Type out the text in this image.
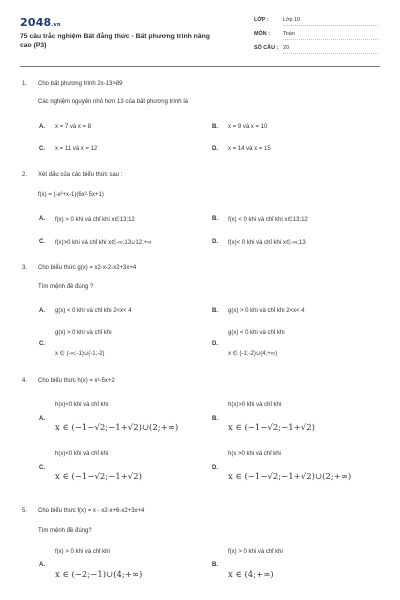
2048.vn
75 câu trắc nghiệm Bất đẳng thức - Bất phương trình nâng cao (P3)
LỚP :	Lớp 10
MÔN : Toán
SỐ CÂU : 20
1. Cho bất phương trình 2x-13>89
Các nghiệm nguyên nhỏ hơn 13 của bất phương trình là
A. x = 7 và x = 8	B. x = 9 và x = 10
C. x = 11 và x = 12	D. x = 14 và x = 15
2. Xét dấu của các biểu thức sau :
f(x) = (-x²+x-1)(6x²-5x+1)
A. f(x) > 0 khi và chỉ khi x∈13;12	B. f(x) < 0 khi và chỉ khi x∈13;12
C. f(x)>0 khi và chỉ khi x∈-∞;13∪12;+∞	D. f(x)< 0 khi và chỉ khi x∈-∞;13
3. Cho biểu thức g(x) = x2-x-2-x2+3x+4
Tìm mệnh đề đúng ?
A. g(x) < 0 khi và chỉ khi 2<x< 4	B. g(x) > 0 khi và chỉ khi 2<x< 4
C.
g(x) > 0 khi và chỉ khi
x ∈ (-∞;-1)∪(-1;-2)
D.
g(x) < 0 khi và chỉ khi
x ∈ (-1;-2)∪(4;+∞)
4. Cho biểu thức h(x) = x³-5x+2
A.
h(x)<0 khi và chỉ khi
x ∈ (−1−√2;−1+√2)∪(2;+∞)
B.
h(x)>0 khi và chỉ khi
x ∈ (−1−√2;−1+√2)
C.
h(x)<0 khi và chỉ khi
x ∈ (−1−√2;−1+√2)
D.
h(x >0 khi và chỉ khi
x ∈ (−1−√2;−1+√2)∪(2;+∞)
5. Cho biểu thức f(x) = x - x2-x+6-x2+3x+4
Tìm mệnh đề đúng?
A.
f(x) > 0 khi và chỉ khi
x ∈ (−2;−1)∪(4;+∞)
B.
f(x) > 0 khi và chỉ khi
x ∈ (4;+∞)
